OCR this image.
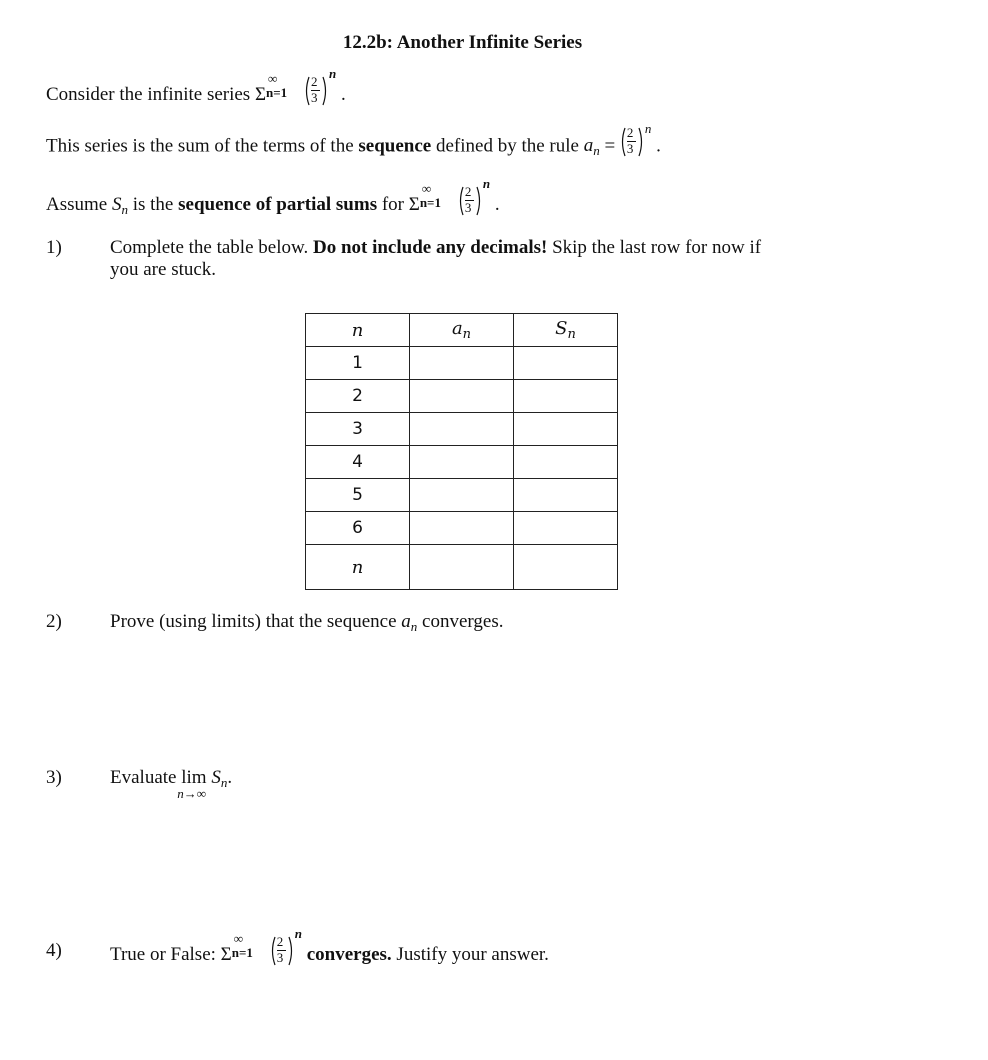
12.2b: Another Infinite Series
Consider the infinite series Σ
∞
$n=1 \frac{2}{3}$
n .
This series is the sum of the terms of the sequence defined by the rule $a_n = \frac{2}{3}$ n .
Assume $S_n$ is the sequence of partial sums for Σ
∞
$n=1 \frac{2}{3}$
n .
1)	Complete the table below. Do not include any decimals! Skip the last row for now if
you are stuck.
n	$a_n$	$S_n$
1		
2		
3		
4		
5		
6		
n		
2)	Prove (using limits) that the sequence $a_n$ converges.
3)	Evaluate lim
n→∞
$S_n$.
4)	True or False: Σ
∞
$n=1 \frac{2}{3}$
n converges. Justify your answer.
